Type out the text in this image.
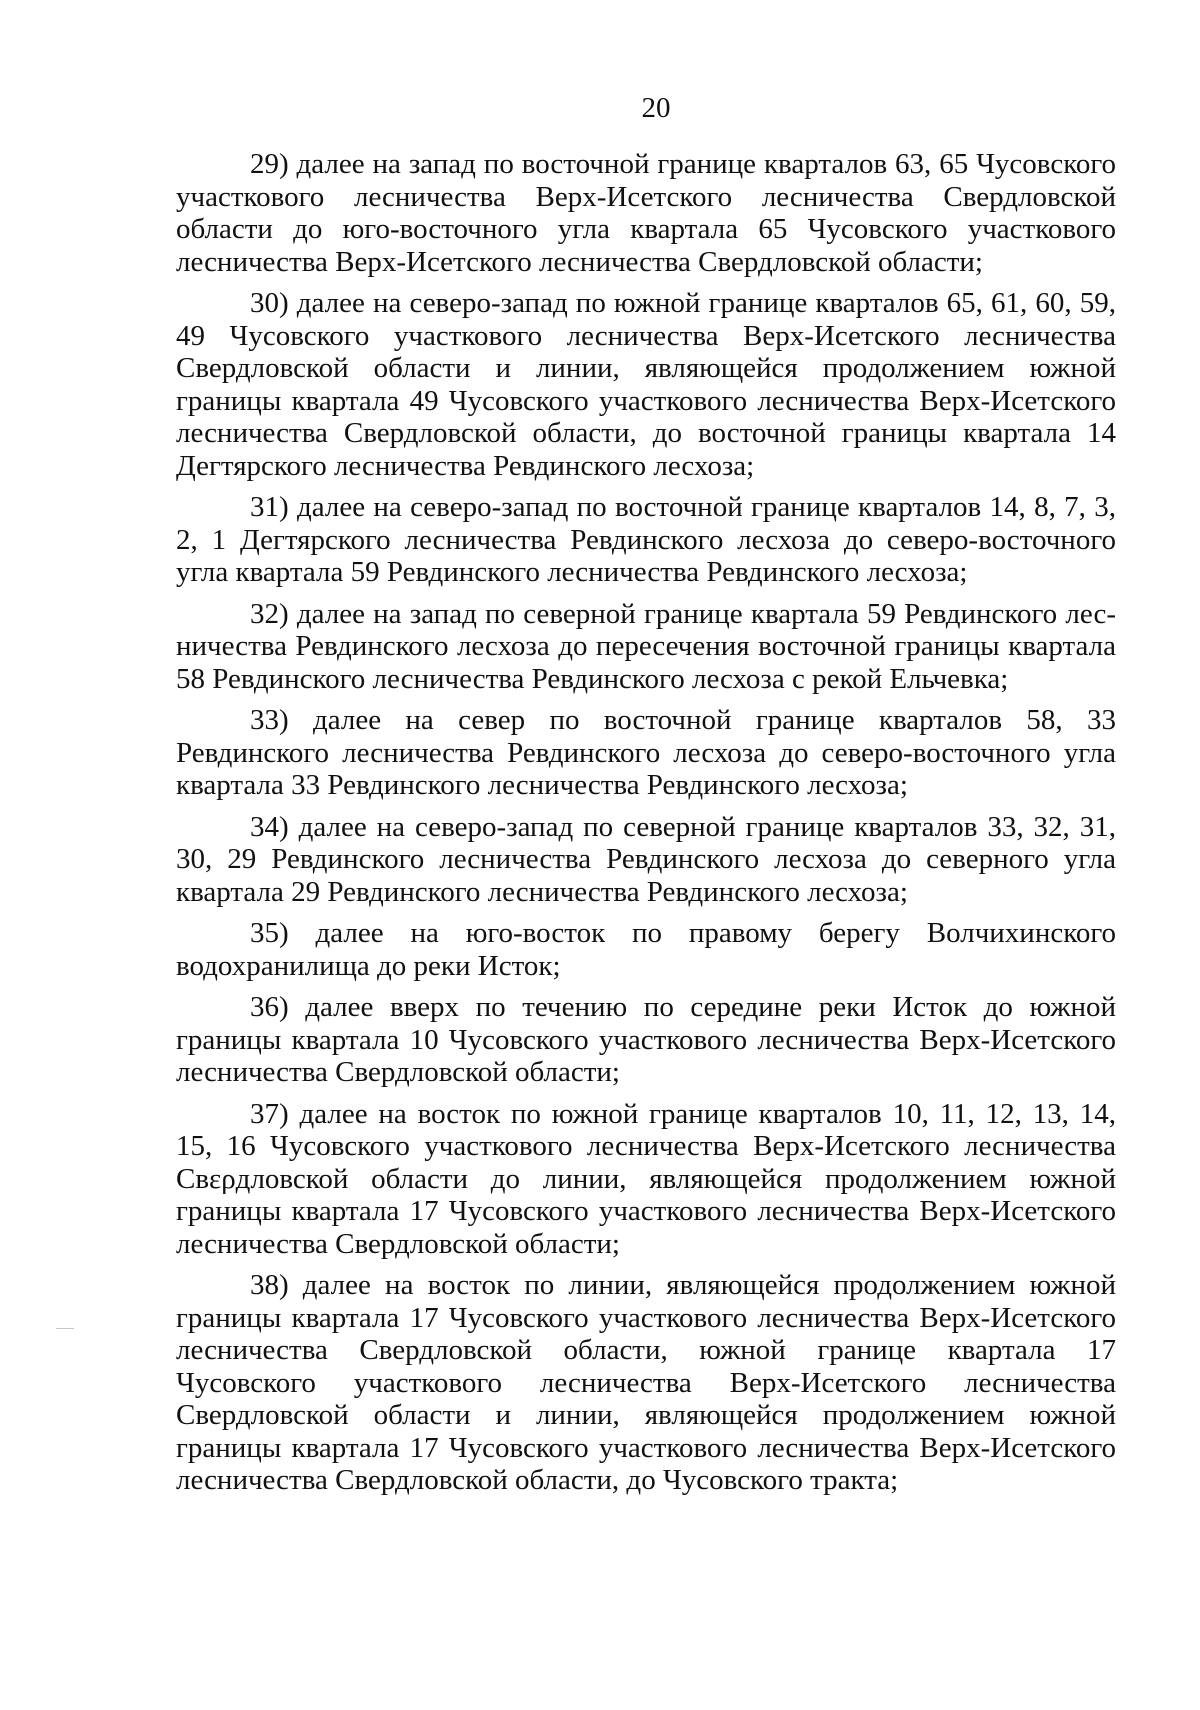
20

29) далее на запад по восточной границе кварталов 63, 65 Чусовского участкового лесничества Верх-Исетского лесничества Свердловской области до юго-восточного угла квартала 65 Чусовского участкового лесничества Верх-Исетского лесничества Свердловской области;

30) далее на северо-запад по южной границе кварталов 65, 61, 60, 59, 49 Чусовского участкового лесничества Верх-Исетского лесничества Свердловской области и линии, являющейся продолжением южной границы квартала 49 Чусовского участкового лесничества Верх-Исетского лесничества Свердловской области, до восточной границы квартала 14 Дегтярского лесничества Ревдинского лесхоза;

31) далее на северо-запад по восточной границе кварталов 14, 8, 7, 3, 2, 1 Дегтярского лесничества Ревдинского лесхоза до северо-восточного угла квартала 59 Ревдинского лесничества Ревдинского лесхоза;

32) далее на запад по северной границе квартала 59 Ревдинского лесничества Ревдинского лесхоза до пересечения восточной границы квартала 58 Ревдинского лесничества Ревдинского лесхоза с рекой Ельчевка;

33) далее на север по восточной границе кварталов 58, 33 Ревдинского лесничества Ревдинского лесхоза до северо-восточного угла квартала 33 Ревдинского лесничества Ревдинского лесхоза;

34) далее на северо-запад по северной границе кварталов 33, 32, 31, 30, 29 Ревдинского лесничества Ревдинского лесхоза до северного угла квартала 29 Ревдинского лесничества Ревдинского лесхоза;

35) далее на юго-восток по правому берегу Волчихинского водохранилища до реки Исток;

36) далее вверх по течению по середине реки Исток до южной границы квартала 10 Чусовского участкового лесничества Верх-Исетского лесничества Свердловской области;

37) далее на восток по южной границе кварталов 10, 11, 12, 13, 14, 15, 16 Чусовского участкового лесничества Верх-Исетского лесничества Свερдловской области до линии, являющейся продолжением южной границы квартала 17 Чусовского участкового лесничества Верх-Исетского лесничества Свердловской области;

38) далее на восток по линии, являющейся продолжением южной границы квартала 17 Чусовского участкового лесничества Верх-Исетского лесничества Свердловской области, южной границе квартала 17 Чусовского участкового лесничества Верх-Исетского лесничества Свердловской области и линии, являющейся продолжением южной границы квартала 17 Чусовского участкового лесничества Верх-Исетского лесничества Свердловской области, до Чусовского тракта;
